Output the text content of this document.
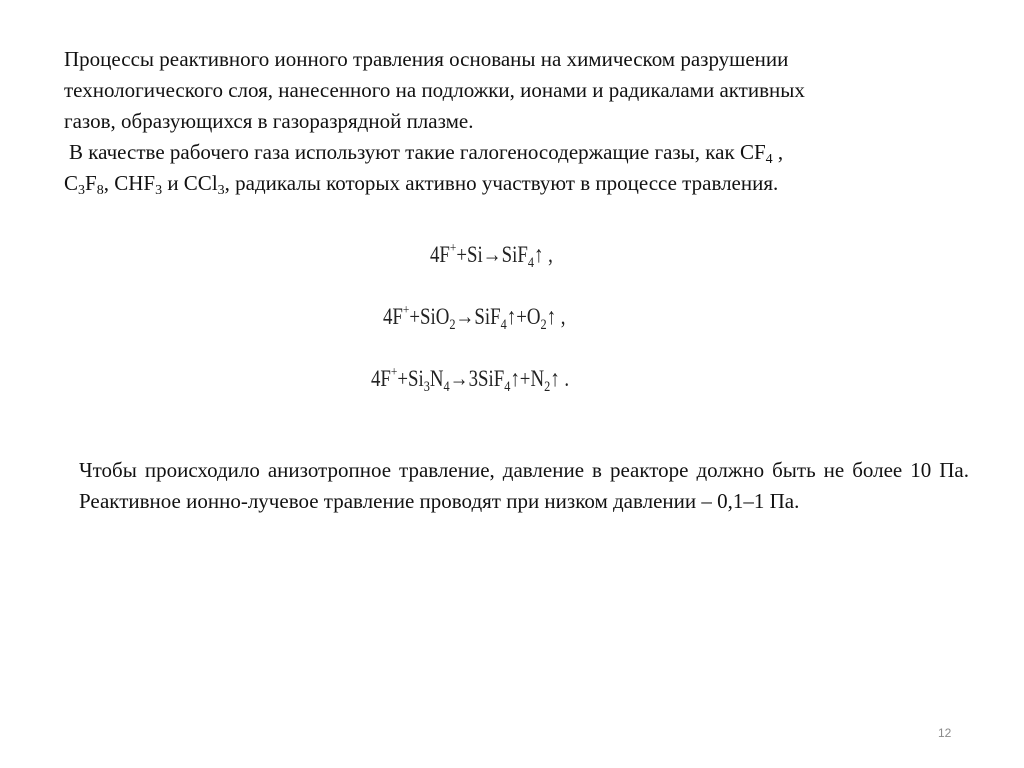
Процессы реактивного ионного травления основаны на химическом разрушении
технологического слоя, нанесенного на подложки, ионами и радикалами активных
газов, образующихся в газоразрядной плазме.
В качестве рабочего газа используют такие галогеносодержащие газы, как $CF_4$ ,
$C_3F_8$, $CHF_3$ и CCl$_3$, радикалы которых активно участвуют в процессе травления.
4F++Si→SiF$_4$↑ ,
$4F^++SiO_2\to SiF_4↑+O_2↑$ ,
$4F^++Si_3N_4\to 3SiF_4↑+N_2↑$ .

Чтобы происходило анизотропное травление, давление в реакторе должно быть не более 10 Па. Реактивное ионно-лучевое травление проводят при низком давлении – 0,1–1 Па.

12
